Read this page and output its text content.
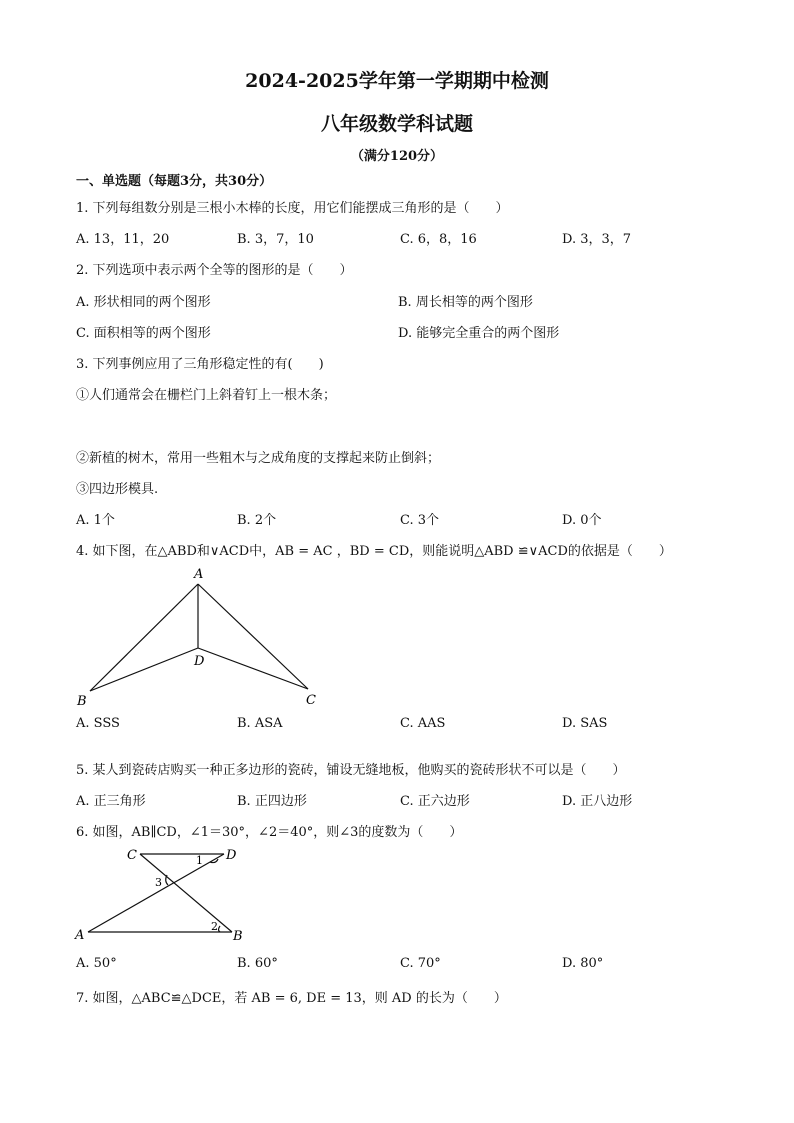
2024-2025学年第一学期期中检测
八年级数学科试题
（满分120分）
一、单选题（每题3分，共30分）
1. 下列每组数分别是三根小木棒的长度，用它们能摆成三角形的是（　　）
A. 13，11，20	B. 3，7，10	C. 6，8，16	D. 3，3，7
2. 下列选项中表示两个全等的图形的是（　　）
A. 形状相同的两个图形	B. 周长相等的两个图形
C. 面积相等的两个图形	D. 能够完全重合的两个图形
3. 下列事例应用了三角形稳定性的有(　　)
①人们通常会在栅栏门上斜着钉上一根木条；
②新植的树木，常用一些粗木与之成角度的支撑起来防止倒斜；
③四边形模具.
A. 1个	B. 2个	C. 3个	D. 0个
4. 如下图，在△ABD和∨ACD中，AB = AC ，BD = CD，则能说明△ABD ≌∨ACD的依据是（　　）
A
B	C
D
A. SSS	B. ASA	C. AAS	D. SAS
5. 某人到瓷砖店购买一种正多边形的瓷砖，铺设无缝地板，他购买的瓷砖形状不可以是（　　）
A. 正三角形	B. 正四边形	C. 正六边形	D. 正八边形
6. 如图，AB∥CD，∠1＝30°，∠2＝40°，则∠3的度数为（　　）
C	D
A	B
1
2
3
A. 50°	B. 60°	C. 70°	D. 80°
7. 如图，△ABC≌△DCE，若 AB = 6, DE = 13，则 AD 的长为（　　）
